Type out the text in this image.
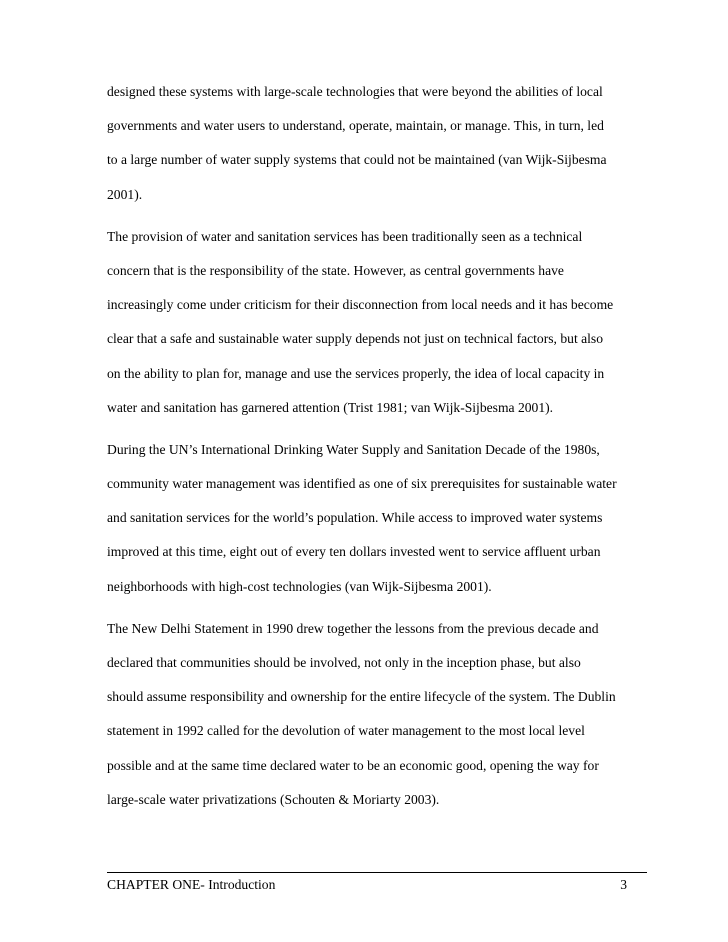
designed these systems with large-scale technologies that were beyond the abilities of local
governments and water users to understand, operate, maintain, or manage. This, in turn, led
to a large number of water supply systems that could not be maintained (van Wijk-Sijbesma
2001).
The provision of water and sanitation services has been traditionally seen as a technical
concern that is the responsibility of the state. However, as central governments have
increasingly come under criticism for their disconnection from local needs and it has become
clear that a safe and sustainable water supply depends not just on technical factors, but also
on the ability to plan for, manage and use the services properly, the idea of local capacity in
water and sanitation has garnered attention (Trist 1981; van Wijk-Sijbesma 2001).
During the UN’s International Drinking Water Supply and Sanitation Decade of the 1980s,
community water management was identified as one of six prerequisites for sustainable water
and sanitation services for the world’s population. While access to improved water systems
improved at this time, eight out of every ten dollars invested went to service affluent urban
neighborhoods with high-cost technologies (van Wijk-Sijbesma 2001).
The New Delhi Statement in 1990 drew together the lessons from the previous decade and
declared that communities should be involved, not only in the inception phase, but also
should assume responsibility and ownership for the entire lifecycle of the system. The Dublin
statement in 1992 called for the devolution of water management to the most local level
possible and at the same time declared water to be an economic good, opening the way for
large-scale water privatizations (Schouten & Moriarty 2003).
CHAPTER ONE- Introduction	3
